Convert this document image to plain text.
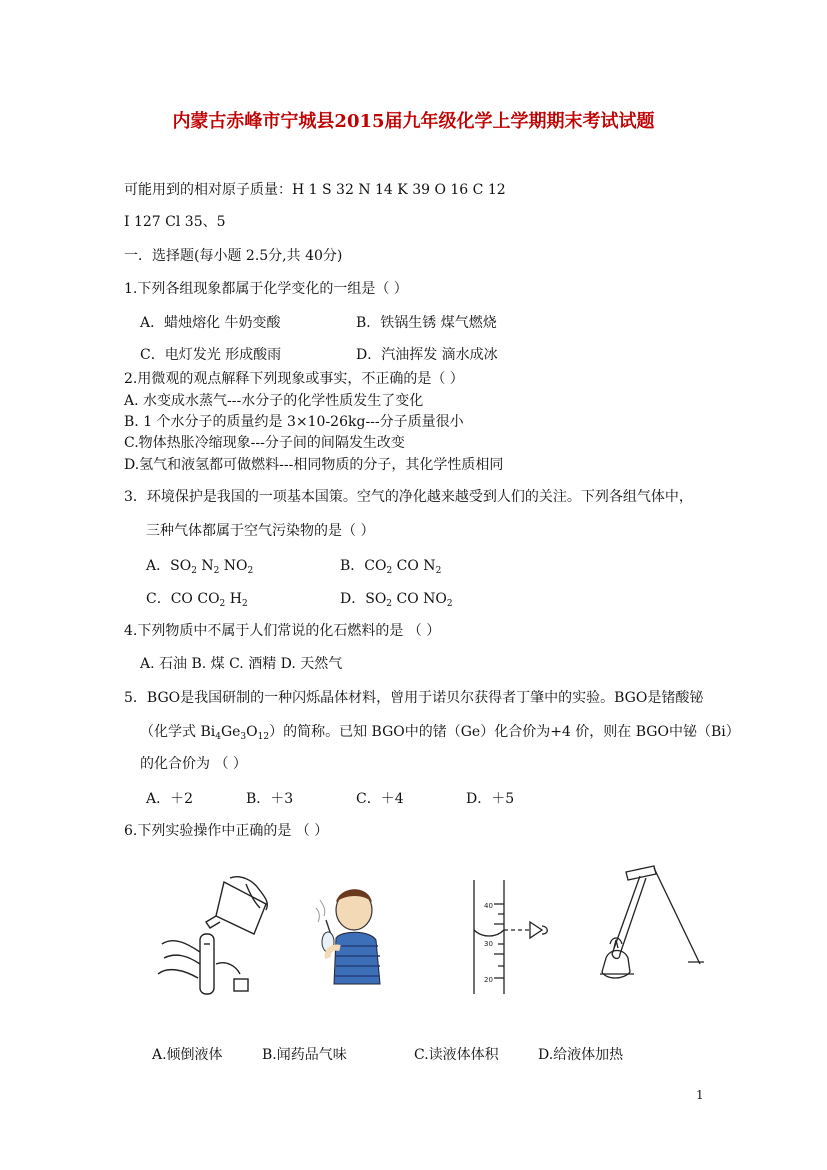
内蒙古赤峰市宁城县2015届九年级化学上学期期末考试试题
可能用到的相对原子质量：H 1 S 32 N 14 K 39 O 16 C 12
I 127 Cl 35、5
一．选择题(每小题 2.5分,共 40分)
1.下列各组现象都属于化学变化的一组是（ ）
A．蜡烛熔化 牛奶变酸	B．铁锅生锈 煤气燃烧
C．电灯发光 形成酸雨	D．汽油挥发 滴水成冰
2.用微观的观点解释下列现象或事实，不正确的是（ ）
A. 水变成水蒸气---水分子的化学性质发生了变化
B. 1 个水分子的质量约是 3×10-26kg---分子质量很小
C.物体热胀冷缩现象---分子间的间隔发生改变
D.氢气和液氢都可做燃料---相同物质的分子，其化学性质相同
3．环境保护是我国的一项基本国策。空气的净化越来越受到人们的关注。下列各组气体中，
三种气体都属于空气污染物的是（ ）
A．$SO_2$ $N_2$ $NO_2$	B．$CO_2$ CO $N_2$
C．CO $CO_2$ $H_2$	D．$SO_2$ CO $NO_2$
4.下列物质中不属于人们常说的化石燃料的是 （ ）
A. 石油 B. 煤 C. 酒精 D. 天然气
5．BGO是我国研制的一种闪烁晶体材料，曾用于诺贝尔获得者丁肇中的实验。BGO是锗酸铋
（化学式 $Bi_4Ge_3O_{12}$）的简称。已知 BGO中的锗（Ge）化合价为+4 价，则在 BGO中铋（Bi）
的化合价为 （ ）
A．＋2	B．＋3	C．＋4	D．＋5
6.下列实验操作中正确的是 （ ）
40
30
20
A.倾倒液体	B.闻药品气味	C.读液体体积	D.给液体加热
1
